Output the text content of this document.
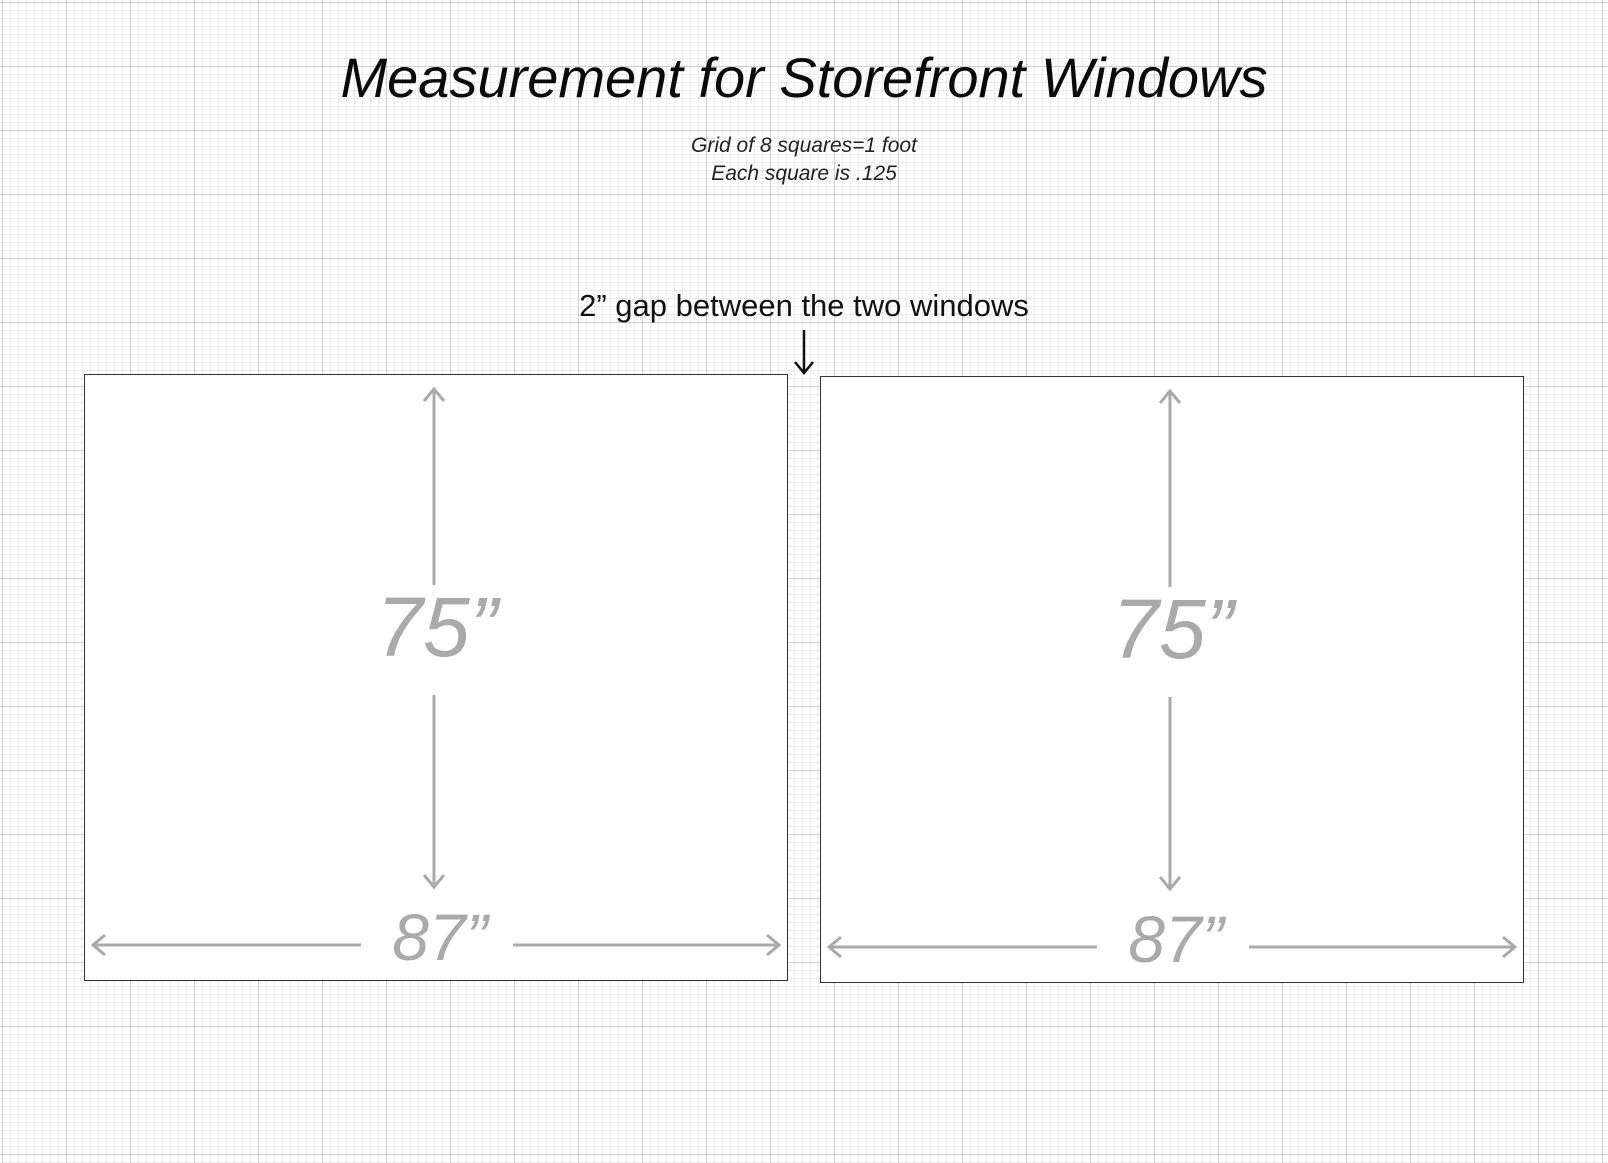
Measurement for Storefront Windows
Grid of 8 squares=1 foot
Each square is .125
2” gap between the two windows
75”
87”
75”
87”
